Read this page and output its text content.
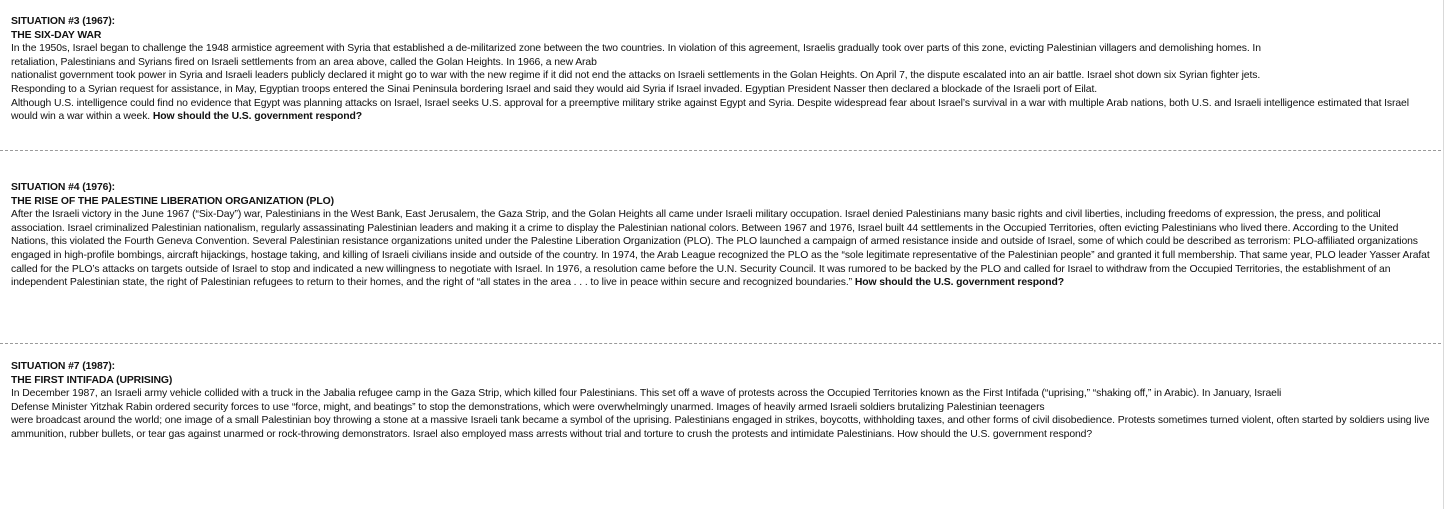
SITUATION #3 (1967):
THE SIX-DAY WAR
In the 1950s, Israel began to challenge the 1948 armistice agreement with Syria that established a de-militarized zone between the two countries. In violation of this agreement, Israelis gradually took over parts of this zone, evicting Palestinian villagers and demolishing homes. In
retaliation, Palestinians and Syrians fired on Israeli settlements from an area above, called the Golan Heights. In 1966, a new Arab
nationalist government took power in Syria and Israeli leaders publicly declared it might go to war with the new regime if it did not end the attacks on Israeli settlements in the Golan Heights. On April 7, the dispute escalated into an air battle. Israel shot down six Syrian fighter jets.
Responding to a Syrian request for assistance, in May, Egyptian troops entered the Sinai Peninsula bordering Israel and said they would aid Syria if Israel invaded. Egyptian President Nasser then declared a blockade of the Israeli port of Eilat.
Although U.S. intelligence could find no evidence that Egypt was planning attacks on Israel, Israel seeks U.S. approval for a preemptive military strike against Egypt and Syria. Despite widespread fear about Israel’s survival in a war with multiple Arab nations, both U.S. and Israeli intelligence estimated that Israel would win a war within a week. How should the U.S. government respond?
SITUATION #4 (1976):
THE RISE OF THE PALESTINE LIBERATION ORGANIZATION (PLO)
After the Israeli victory in the June 1967 (“Six-Day”) war, Palestinians in the West Bank, East Jerusalem, the Gaza Strip, and the Golan Heights all came under Israeli military occupation. Israel denied Palestinians many basic rights and civil liberties, including freedoms of expression, the press, and political association. Israel criminalized Palestinian nationalism, regularly assassinating Palestinian leaders and making it a crime to display the Palestinian national colors. Between 1967 and 1976, Israel built 44 settlements in the Occupied Territories, often evicting Palestinians who lived there. According to the United Nations, this violated the Fourth Geneva Convention. Several Palestinian resistance organizations united under the Palestine Liberation Organization (PLO). The PLO launched a campaign of armed resistance inside and outside of Israel, some of which could be described as terrorism: PLO-affiliated organizations engaged in high-profile bombings, aircraft hijackings, hostage taking, and killing of Israeli civilians inside and outside of the country. In 1974, the Arab League recognized the PLO as the “sole legitimate representative of the Palestinian people” and granted it full membership. That same year, PLO leader Yasser Arafat called for the PLO’s attacks on targets outside of Israel to stop and indicated a new willingness to negotiate with Israel. In 1976, a resolution came before the U.N. Security Council. It was rumored to be backed by the PLO and called for Israel to withdraw from the Occupied Territories, the establishment of an independent Palestinian state, the right of Palestinian refugees to return to their homes, and the right of “all states in the area . . . to live in peace within secure and recognized boundaries.” How should the U.S. government respond?
SITUATION #7 (1987):
THE FIRST INTIFADA (UPRISING)
In December 1987, an Israeli army vehicle collided with a truck in the Jabalia refugee camp in the Gaza Strip, which killed four Palestinians. This set off a wave of protests across the Occupied Territories known as the First Intifada (“uprising,” “shaking off,” in Arabic). In January, Israeli
Defense Minister Yitzhak Rabin ordered security forces to use “force, might, and beatings” to stop the demonstrations, which were overwhelmingly unarmed. Images of heavily armed Israeli soldiers brutalizing Palestinian teenagers
were broadcast around the world; one image of a small Palestinian boy throwing a stone at a massive Israeli tank became a symbol of the uprising. Palestinians engaged in strikes, boycotts, withholding taxes, and other forms of civil disobedience. Protests sometimes turned violent, often started by soldiers using live ammunition, rubber bullets, or tear gas against unarmed or rock-throwing demonstrators. Israel also employed mass arrests without trial and torture to crush the protests and intimidate Palestinians. How should the U.S. government respond?
